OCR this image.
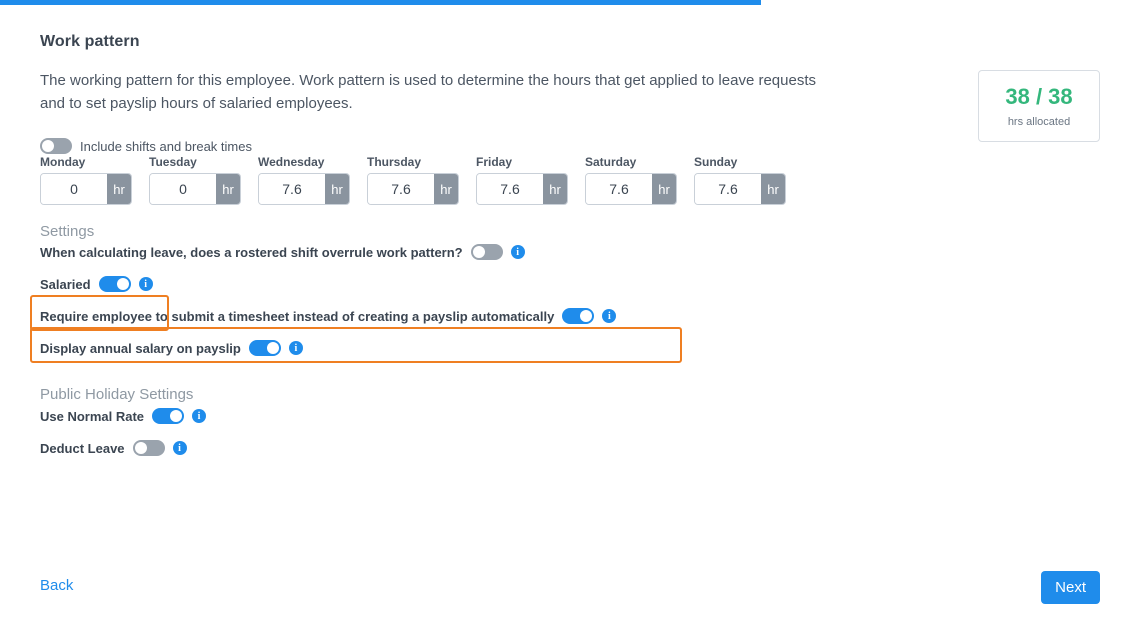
Work pattern

The working pattern for this employee. Work pattern is used to determine the hours that get applied to leave requests and to set payslip hours of salaried employees.	38 / 38
hrs allocated
Include shifts and break times
Monday
0
hr
Tuesday
0
hr
Wednesday
7.6
hr
Thursday
7.6
hr
Friday
7.6
hr
Saturday
7.6
hr
Sunday
7.6
hr
Settings
When calculating leave, does a rostered shift overrule work pattern?	i
Salaried	i
Require employee to submit a timesheet instead of creating a payslip automatically	i
Display annual salary on payslip	i
Public Holiday Settings
Use Normal Rate	i
Deduct Leave	i
Back	Next
